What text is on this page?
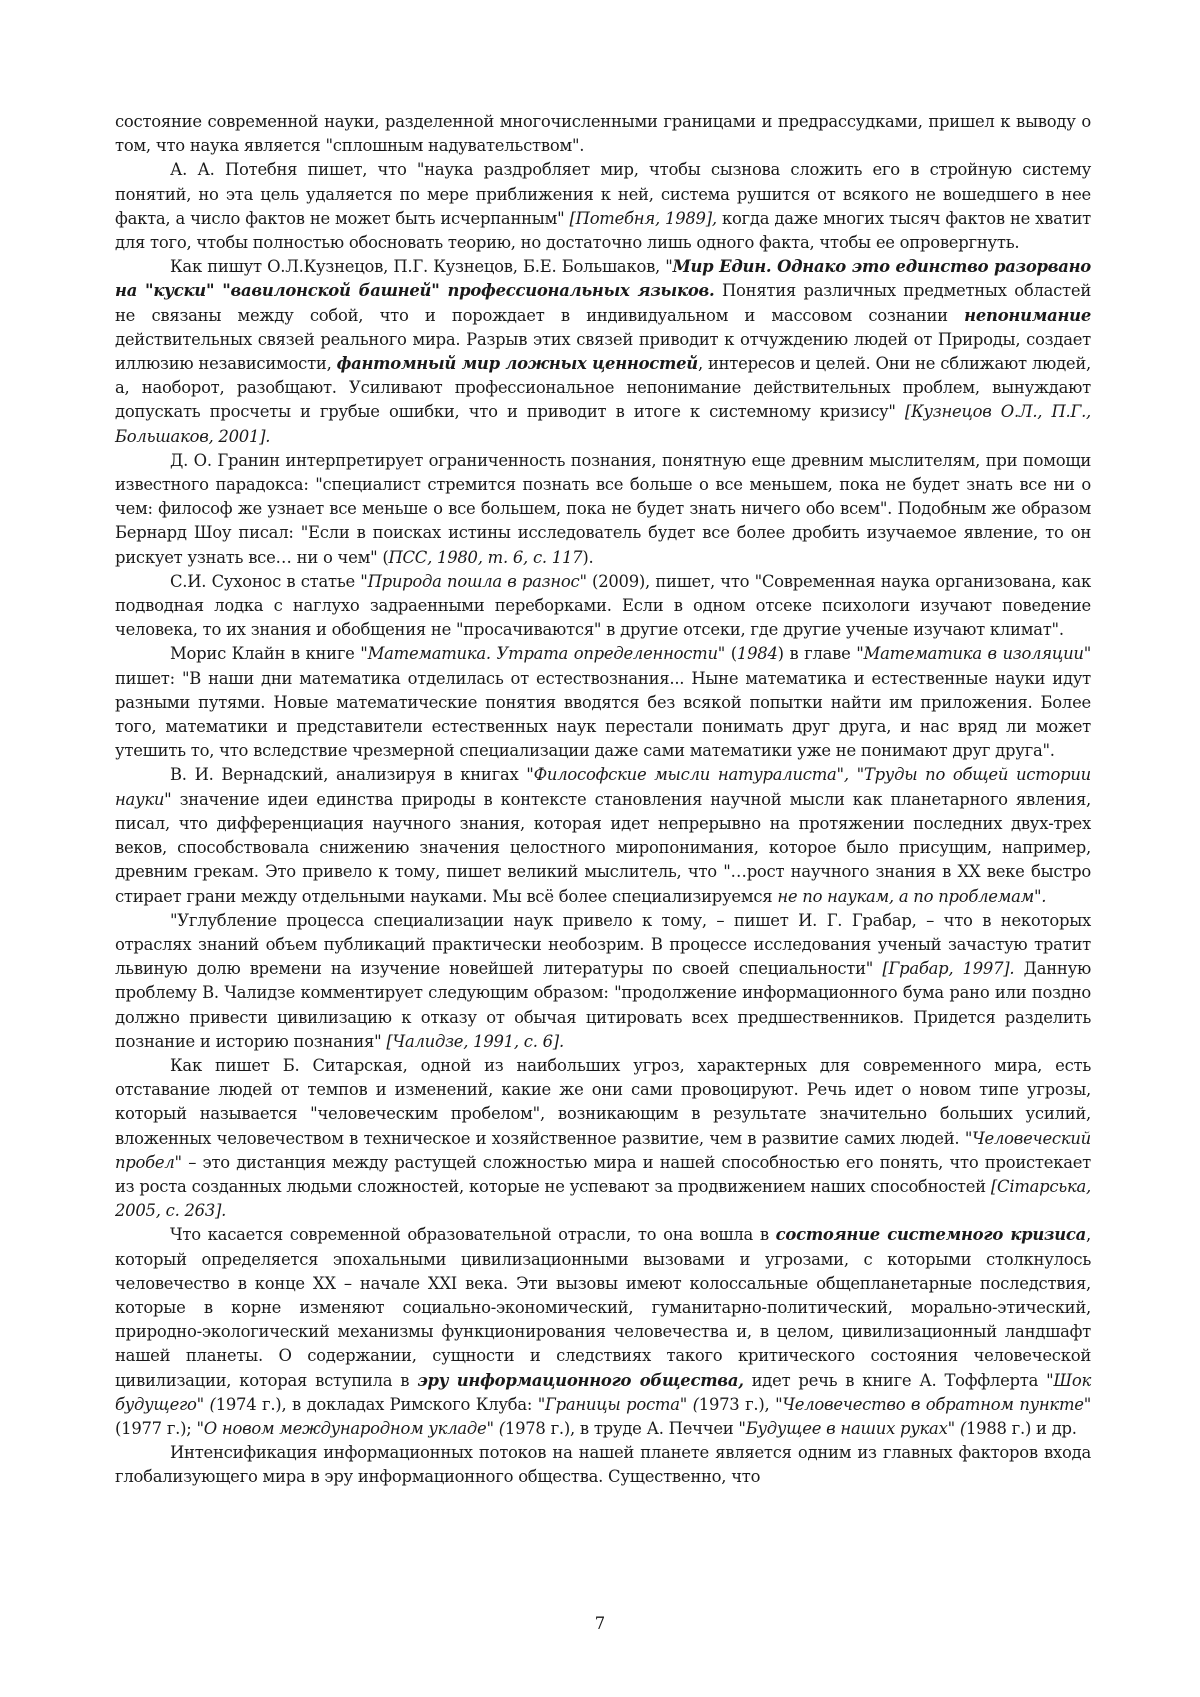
состояние современной науки, разделенной многочисленными границами и предрассудками, пришел к выводу о том, что наука является "сплошным надувательством".

А. А. Потебня пишет, что "наука раздробляет мир, чтобы сызнова сложить его в стройную систему понятий, но эта цель удаляется по мере приближения к ней, система рушится от всякого не вошедшего в нее факта, а число фактов не может быть исчерпанным" [Потебня, 1989], когда даже многих тысяч фактов не хватит для того, чтобы полностью обосновать теорию, но достаточно лишь одного факта, чтобы ее опровергнуть.

Как пишут О.Л.Кузнецов, П.Г. Кузнецов, Б.Е. Большаков, "Мир Един. Однако это единство разорвано на "куски" "вавилонской башней" профессиональных языков. Понятия различных предметных областей не связаны между собой, что и порождает в индивидуальном и массовом сознании непонимание действительных связей реального мира. Разрыв этих связей приводит к отчуждению людей от Природы, создает иллюзию независимости, фантомный мир ложных ценностей, интересов и целей. Они не сближают людей, а, наоборот, разобщают. Усиливают профессиональное непонимание действительных проблем, вынуждают допускать просчеты и грубые ошибки, что и приводит в итоге к системному кризису" [Кузнецов О.Л., П.Г., Большаков, 2001].

Д. О. Гранин интерпретирует ограниченность познания, понятную еще древним мыслителям, при помощи известного парадокса: "специалист стремится познать все больше о все меньшем, пока не будет знать все ни о чем: философ же узнает все меньше о все большем, пока не будет знать ничего обо всем". Подобным же образом Бернард Шоу писал: "Если в поисках истины исследователь будет все более дробить изучаемое явление, то он рискует узнать все… ни о чем" (ПСС, 1980, т. 6, с. 117).

С.И. Сухонос в статье "Природа пошла в разнос" (2009), пишет, что "Современная наука организована, как подводная лодка с наглухо задраенными переборками. Если в одном отсеке психологи изучают поведение человека, то их знания и обобщения не "просачиваются" в другие отсеки, где другие ученые изучают климат".

Морис Клайн в книге "Математика. Утрата определенности" (1984) в главе "Математика в изоляции" пишет: "В наши дни математика отделилась от естествознания... Ныне математика и естественные науки идут разными путями. Новые математические понятия вводятся без всякой попытки найти им приложения. Более того, математики и представители естественных наук перестали понимать друг друга, и нас вряд ли может утешить то, что вследствие чрезмерной специализации даже сами математики уже не понимают друг друга".

В. И. Вернадский, анализируя в книгах "Философские мысли натуралиста", "Труды по общей истории науки" значение идеи единства природы в контексте становления научной мысли как планетарного явления, писал, что дифференциация научного знания, которая идет непрерывно на протяжении последних двух-трех веков, способствовала снижению значения целостного миропонимания, которое было присущим, например, древним грекам. Это привело к тому, пишет великий мыслитель, что "…рост научного знания в XX веке быстро стирает грани между отдельными науками. Мы всё более специализируемся не по наукам, а по проблемам".

"Углубление процесса специализации наук привело к тому, – пишет И. Г. Грабар, – что в некоторых отраслях знаний объем публикаций практически необозрим. В процессе исследования ученый зачастую тратит львиную долю времени на изучение новейшей литературы по своей специальности" [Грабар, 1997]. Данную проблему В. Чалидзе комментирует следующим образом: "продолжение информационного бума рано или поздно должно привести цивилизацию к отказу от обычая цитировать всех предшественников. Придется разделить познание и историю познания" [Чалидзе, 1991, с. 6].

Как пишет Б. Ситарская, одной из наибольших угроз, характерных для современного мира, есть отставание людей от темпов и изменений, какие же они сами провоцируют. Речь идет о новом типе угрозы, который называется "человеческим пробелом", возникающим в результате значительно больших усилий, вложенных человечеством в техническое и хозяйственное развитие, чем в развитие самих людей. "Человеческий пробел" – это дистанция между растущей сложностью мира и нашей способностью его понять, что проистекает из роста созданных людьми сложностей, которые не успевают за продвижением наших способностей [Сітарська, 2005, с. 263].

Что касается современной образовательной отрасли, то она вошла в состояние системного кризиса, который определяется эпохальными цивилизационными вызовами и угрозами, с которыми столкнулось человечество в конце XX – начале XXI века. Эти вызовы имеют колоссальные общепланетарные последствия, которые в корне изменяют социально-экономический, гуманитарно-политический, морально-этический, природно-экологический механизмы функционирования человечества и, в целом, цивилизационный ландшафт нашей планеты. О содержании, сущности и следствиях такого критического состояния человеческой цивилизации, которая вступила в эру информационного общества, идет речь в книге А. Тоффлерта "Шок будущего" (1974 г.), в докладах Римского Клуба: "Границы роста" (1973 г.), "Человечество в обратном пункте" (1977 г.); "О новом международном укладе" (1978 г.), в труде А. Печчеи "Будущее в наших руках" (1988 г.) и др.

Интенсификация информационных потоков на нашей планете является одним из главных факторов входа глобализующего мира в эру информационного общества. Существенно, что

7
